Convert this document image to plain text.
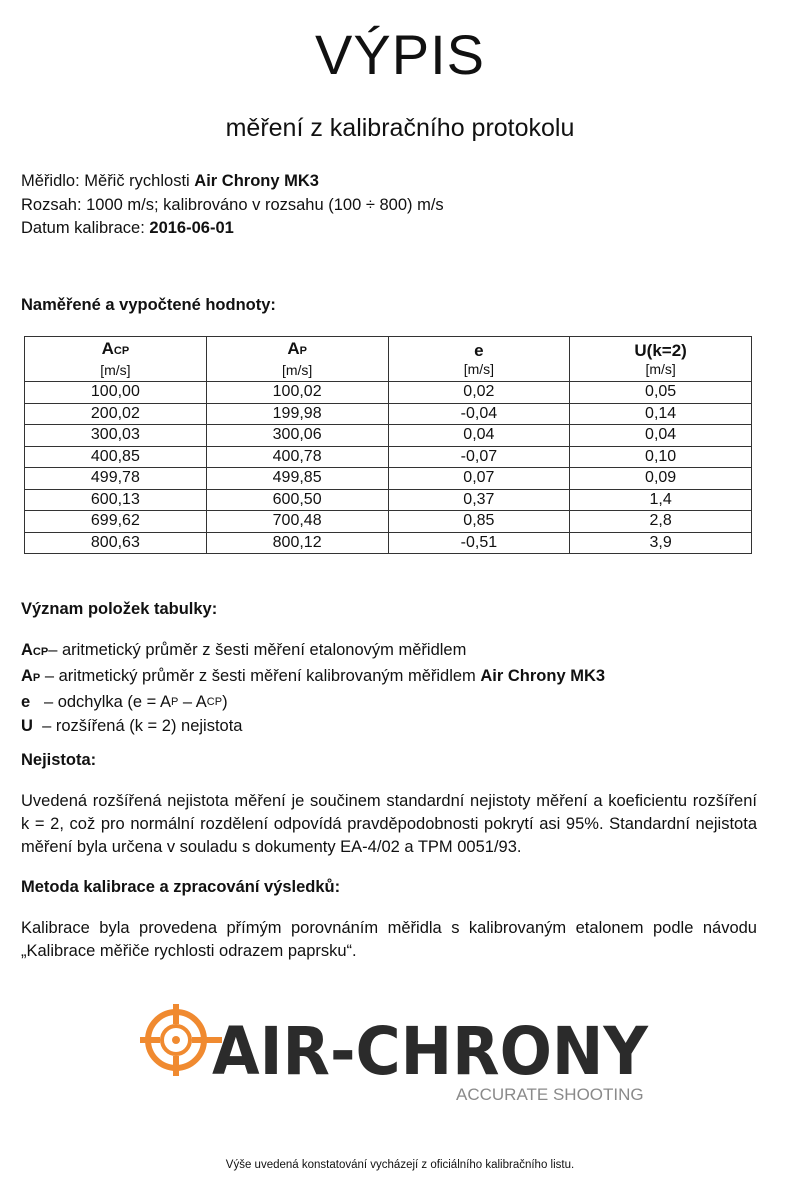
VÝPIS
měření z kalibračního protokolu
Měřidlo: Měřič rychlosti Air Chrony MK3
Rozsah: 1000 m/s; kalibrováno v rozsahu (100 ÷ 800) m/s
Datum kalibrace: 2016-06-01
Naměřené a vypočtené hodnoty:
ACP
[m/s]	AP
[m/s]	e
[m/s]	U(k=2)
[m/s]

100,00	100,02	0,02	0,05
200,02	199,98	-0,04	0,14
300,03	300,06	0,04	0,04
400,85	400,78	-0,07	0,10
499,78	499,85	0,07	0,09
600,13	600,50	0,37	1,4
699,62	700,48	0,85	2,8
800,63	800,12	-0,51	3,9
Význam položek tabulky:
ACP – aritmetický průměr z šesti měření etalonovým měřidlem
AP – aritmetický průměr z šesti měření kalibrovaným měřidlem Air Chrony MK3
e – odchylka (e = A P – A CP )
U – rozšířená (k = 2) nejistota
Nejistota:
Uvedená rozšířená nejistota měření je součinem standardní nejistoty měření a koeficientu rozšíření k = 2, což pro normální rozdělení odpovídá pravděpodobnosti pokrytí asi 95%. Standardní nejistota měření byla určena v souladu s dokumenty EA-4/02 a TPM 0051/93.
Metoda kalibrace a zpracování výsledků:
Kalibrace byla provedena přímým porovnáním měřidla s kalibrovaným etalonem podle návodu „Kalibrace měřiče rychlosti odrazem paprsku“.
AIR-CHRONY
ACCURATE SHOOTING
Výše uvedená konstatování vycházejí z oficiálního kalibračního listu.
